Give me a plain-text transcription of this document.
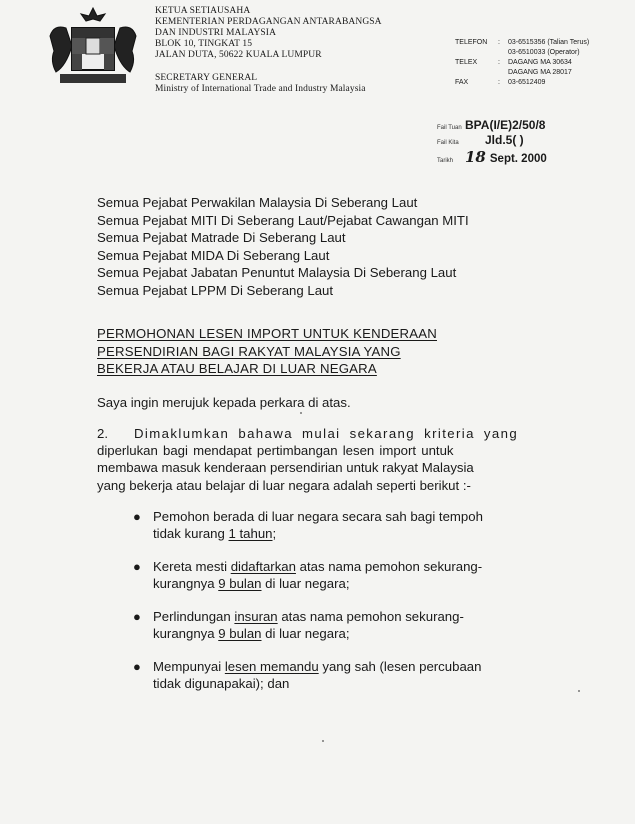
KETUA SETIAUSAHA
KEMENTERIAN PERDAGANGAN ANTARABANGSA
DAN INDUSTRI MALAYSIA
BLOK 10, TINGKAT 15
JALAN DUTA, 50622 KUALA LUMPUR
SECRETARY GENERAL
Ministry of International Trade and Industry Malaysia
TELEFON	:	03-6515356 (Talian Terus)
03-6510033 (Operator)
TELEX	:	DAGANG MA 30634
DAGANG MA 28017
FAX	:	03-6512409
Fail Tuan BPA(I/E)2/50/8
Fail Kita	Jld.5( )
Tarikh 18 Sept. 2000
Semua Pejabat Perwakilan Malaysia Di Seberang Laut
Semua Pejabat MITI Di Seberang Laut/Pejabat Cawangan MITI
Semua Pejabat Matrade Di Seberang Laut
Semua Pejabat MIDA Di Seberang Laut
Semua Pejabat Jabatan Penuntut Malaysia Di Seberang Laut
Semua Pejabat LPPM Di Seberang Laut
PERMOHONAN LESEN IMPORT UNTUK KENDERAAN
PERSENDIRIAN BAGI RAKYAT MALAYSIA YANG
BEKERJA ATAU BELAJAR DI LUAR NEGARA
Saya ingin merujuk kepada perkara di atas.
2. Dimaklumkan bahawa mulai sekarang kriteria yang
diperlukan bagi mendapat pertimbangan lesen import untuk
membawa masuk kenderaan persendirian untuk rakyat Malaysia
yang bekerja atau belajar di luar negara adalah seperti berikut :-
● Pemohon berada di luar negara secara sah bagi tempoh
tidak kurang 1 tahun;
● Kereta mesti didaftarkan atas nama pemohon sekurang-
kurangnya 9 bulan di luar negara;
● Perlindungan insuran atas nama pemohon sekurang-
kurangnya 9 bulan di luar negara;
● Mempunyai lesen memandu yang sah (lesen percubaan
tidak digunapakai); dan
